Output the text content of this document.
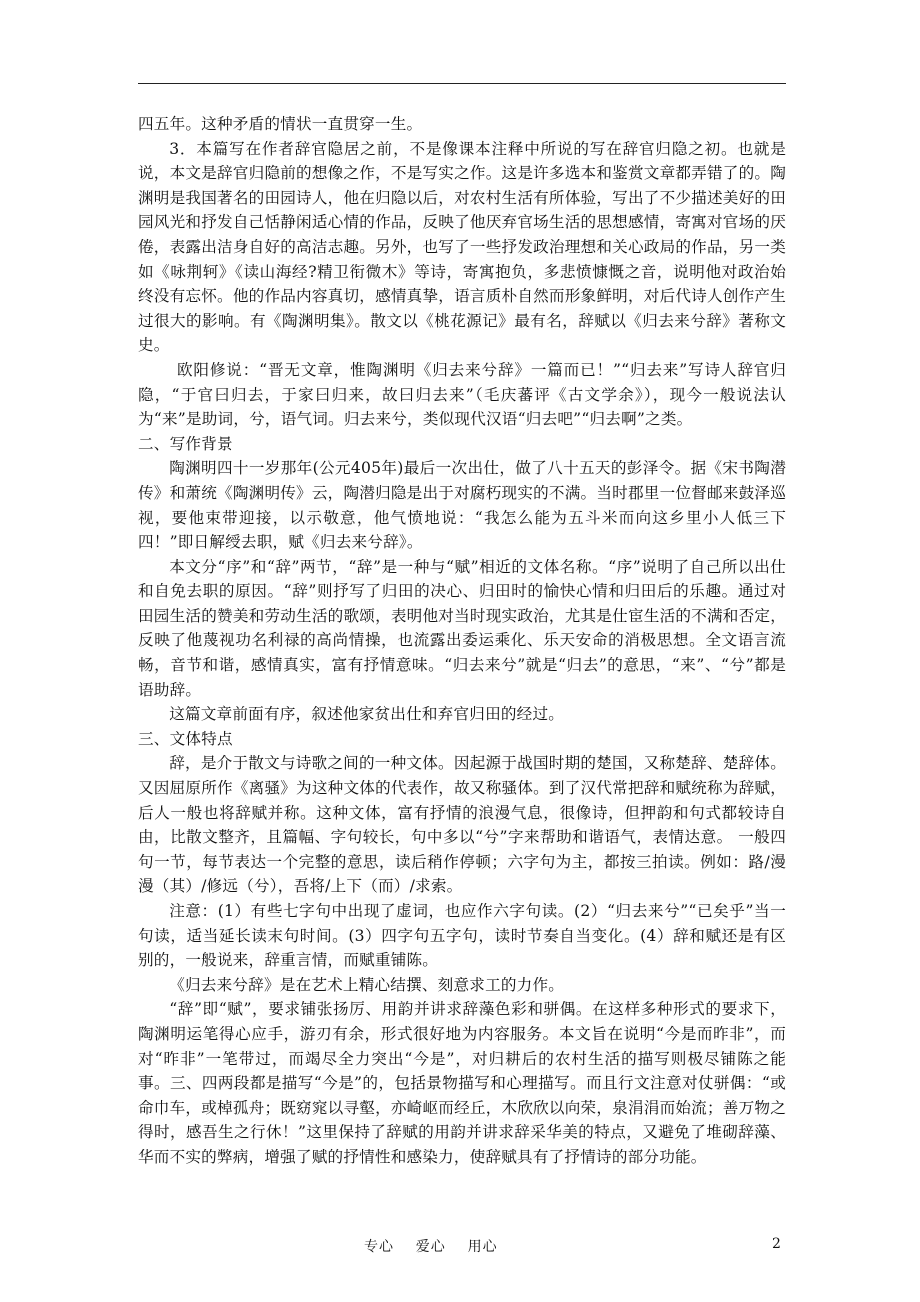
四五年。这种矛盾的情状一直贯穿一生。

3．本篇写在作者辞官隐居之前，不是像课本注释中所说的写在辞官归隐之初。也就是说，本文是辞官归隐前的想像之作，不是写实之作。这是许多选本和鉴赏文章都弄错了的。陶渊明是我国著名的田园诗人，他在归隐以后，对农村生活有所体验，写出了不少描述美好的田园风光和抒发自己恬静闲适心情的作品，反映了他厌弃官场生活的思想感情，寄寓对官场的厌倦，表露出洁身自好的高洁志趣。另外，也写了一些抒发政治理想和关心政局的作品，另一类如《咏荆轲》《读山海经?精卫衔微木》等诗，寄寓抱负，多悲愤慷慨之音，说明他对政治始终没有忘怀。他的作品内容真切，感情真挚，语言质朴自然而形象鲜明，对后代诗人创作产生过很大的影响。有《陶渊明集》。散文以《桃花源记》最有名，辞赋以《归去来兮辞》著称文史。

欧阳修说：“晋无文章，惟陶渊明《归去来兮辞》一篇而已！”“归去来”写诗人辞官归隐，“于官曰归去，于家曰归来，故曰归去来”（毛庆蕃评《古文学余》），现今一般说法认为“来”是助词，兮，语气词。归去来兮，类似现代汉语“归去吧”“归去啊”之类。

二、写作背景

陶渊明四十一岁那年(公元405年)最后一次出仕，做了八十五天的彭泽令。据《宋书陶潜传》和萧统《陶渊明传》云，陶潜归隐是出于对腐朽现实的不满。当时郡里一位督邮来鼓泽巡视，要他束带迎接，以示敬意，他气愤地说：“我怎么能为五斗米而向这乡里小人低三下四！”即日解绶去职，赋《归去来兮辞》。

本文分“序”和“辞”两节，“辞”是一种与“赋”相近的文体名称。“序”说明了自己所以出仕和自免去职的原因。“辞”则抒写了归田的决心、归田时的愉快心情和归田后的乐趣。通过对田园生活的赞美和劳动生活的歌颂，表明他对当时现实政治，尤其是仕宦生活的不满和否定，反映了他蔑视功名利禄的高尚情操，也流露出委运乘化、乐天安命的消极思想。全文语言流畅，音节和谐，感情真实，富有抒情意味。“归去来兮”就是“归去”的意思，“来”、“兮”都是语助辞。

这篇文章前面有序，叙述他家贫出仕和弃官归田的经过。

三、文体特点

辞，是介于散文与诗歌之间的一种文体。因起源于战国时期的楚国，又称楚辞、楚辞体。又因屈原所作《离骚》为这种文体的代表作，故又称骚体。到了汉代常把辞和赋统称为辞赋，后人一般也将辞赋并称。这种文体，富有抒情的浪漫气息，很像诗，但押韵和句式都较诗自由，比散文整齐，且篇幅、字句较长，句中多以“兮”字来帮助和谐语气，表情达意。 一般四句一节，每节表达一个完整的意思，读后稍作停顿；六字句为主，都按三拍读。例如：路/漫漫（其）/修远（兮），吾将/上下（而）/求索。

注意：(1）有些七字句中出现了虚词，也应作六字句读。(2）“归去来兮”“已矣乎”当一句读，适当延长读末句时间。(3）四字句五字句，读时节奏自当变化。(4）辞和赋还是有区别的，一般说来，辞重言情，而赋重铺陈。

《归去来兮辞》是在艺术上精心结撰、刻意求工的力作。

“辞”即“赋”，要求铺张扬厉、用韵并讲求辞藻色彩和骈偶。在这样多种形式的要求下，陶渊明运笔得心应手，游刃有余，形式很好地为内容服务。本文旨在说明“今是而昨非”，而对“昨非”一笔带过，而竭尽全力突出“今是”，对归耕后的农村生活的描写则极尽铺陈之能事。三、四两段都是描写“今是”的，包括景物描写和心理描写。而且行文注意对仗骈偶：“或命巾车，或棹孤舟；既窈窕以寻壑，亦崎岖而经丘，木欣欣以向荣，泉涓涓而始流；善万物之得时，感吾生之行休！”这里保持了辞赋的用韵并讲求辞采华美的特点，又避免了堆砌辞藻、华而不实的弊病，增强了赋的抒情性和感染力，使辞赋具有了抒情诗的部分功能。

专心    爱心    用心	2
